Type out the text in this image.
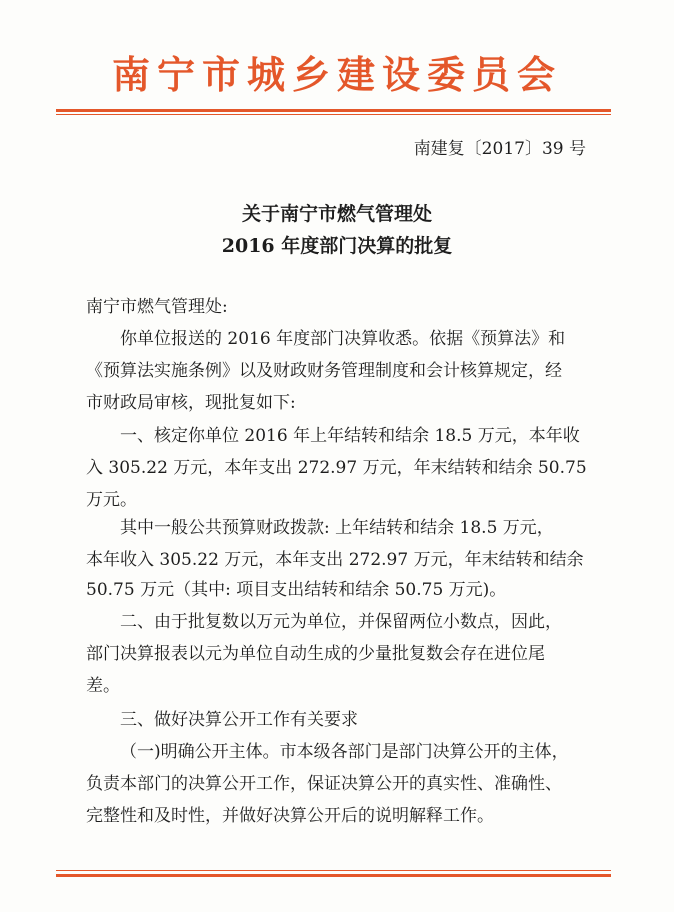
南宁市城乡建设委员会
南建复〔2017〕39 号
关于南宁市燃气管理处
2016 年度部门决算的批复
南宁市燃气管理处:
你单位报送的 2016 年度部门决算收悉。依据《预算法》和
《预算法实施条例》以及财政财务管理制度和会计核算规定，经
市财政局审核，现批复如下:
一、核定你单位 2016 年上年结转和结余 18.5 万元，本年收
入 305.22 万元，本年支出 272.97 万元，年末结转和结余 50.75
万元。
其中一般公共预算财政拨款: 上年结转和结余 18.5 万元，
本年收入 305.22 万元，本年支出 272.97 万元，年末结转和结余
50.75 万元（其中: 项目支出结转和结余 50.75 万元)。
二、由于批复数以万元为单位，并保留两位小数点，因此，
部门决算报表以元为单位自动生成的少量批复数会存在进位尾
差。
三、做好决算公开工作有关要求
（一)明确公开主体。市本级各部门是部门决算公开的主体，
负责本部门的决算公开工作，保证决算公开的真实性、准确性、
完整性和及时性，并做好决算公开后的说明解释工作。
